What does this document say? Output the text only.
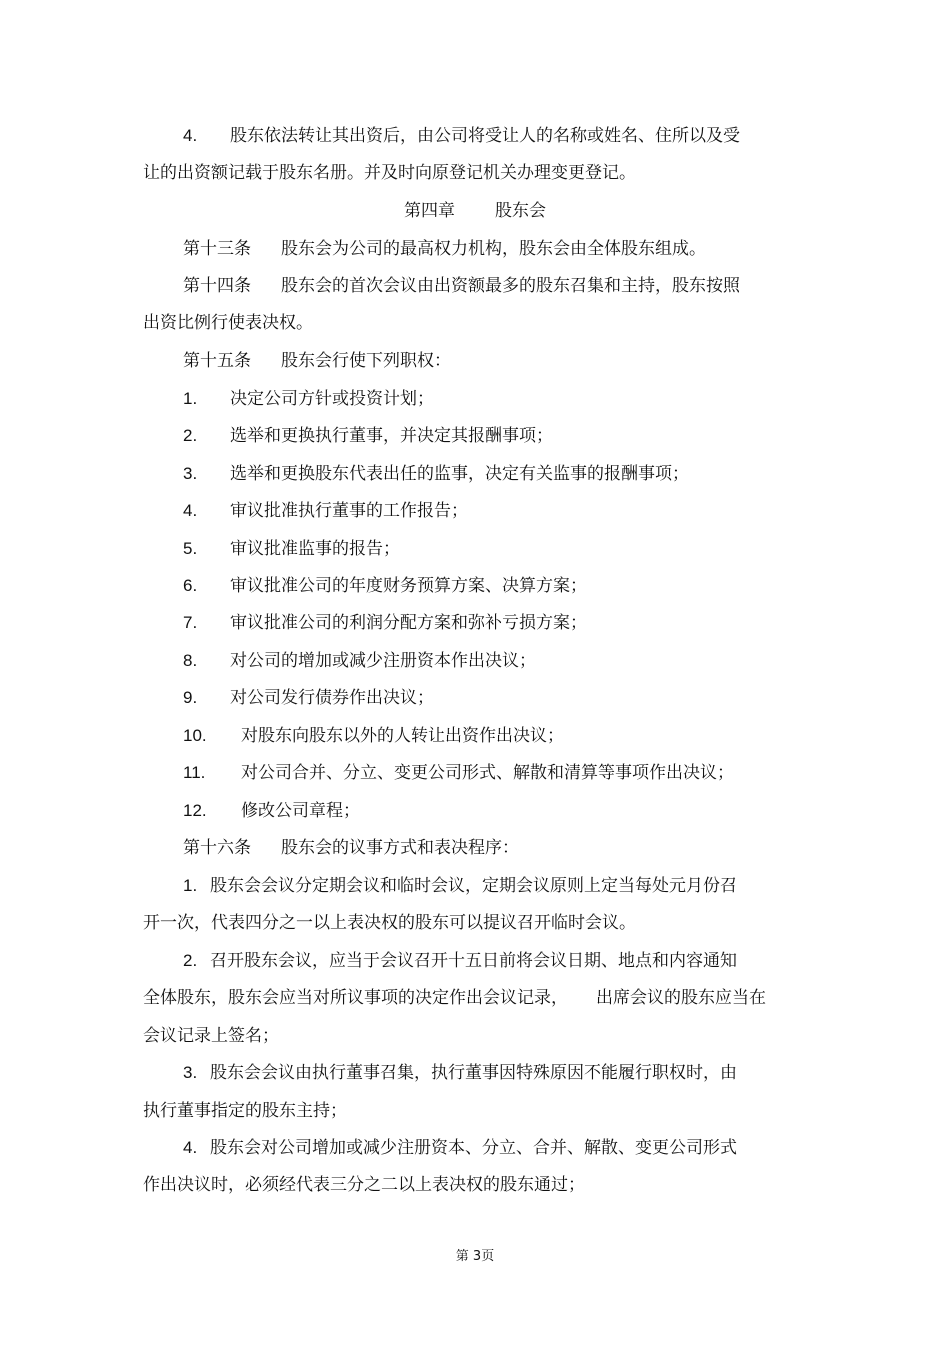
4. 股东依法转让其出资后，由公司将受让人的名称或姓名、住所以及受
让的出资额记载于股东名册。并及时向原登记机关办理变更登记。
第四章 股东会
第十三条 股东会为公司的最高权力机构，股东会由全体股东组成。
第十四条 股东会的首次会议由出资额最多的股东召集和主持，股东按照
出资比例行使表决权。
第十五条 股东会行使下列职权：
1. 决定公司方针或投资计划；
2. 选举和更换执行董事，并决定其报酬事项；
3. 选举和更换股东代表出任的监事，决定有关监事的报酬事项；
4. 审议批准执行董事的工作报告；
5. 审议批准监事的报告；
6. 审议批准公司的年度财务预算方案、决算方案；
7. 审议批准公司的利润分配方案和弥补亏损方案；
8. 对公司的增加或减少注册资本作出决议；
9. 对公司发行债券作出决议；
10. 对股东向股东以外的人转让出资作出决议；
11. 对公司合并、分立、变更公司形式、解散和清算等事项作出决议；
12. 修改公司章程；
第十六条 股东会的议事方式和表决程序：
1. 股东会会议分定期会议和临时会议，定期会议原则上定当每处元月份召
开一次，代表四分之一以上表决权的股东可以提议召开临时会议。
2. 召开股东会议，应当于会议召开十五日前将会议日期、地点和内容通知
全体股东，股东会应当对所议事项的决定作出会议记录， 出席会议的股东应当在
会议记录上签名；
3. 股东会会议由执行董事召集，执行董事因特殊原因不能履行职权时，由
执行董事指定的股东主持；
4. 股东会对公司增加或减少注册资本、分立、合并、解散、变更公司形式
作出决议时，必须经代表三分之二以上表决权的股东通过；
第 3页
